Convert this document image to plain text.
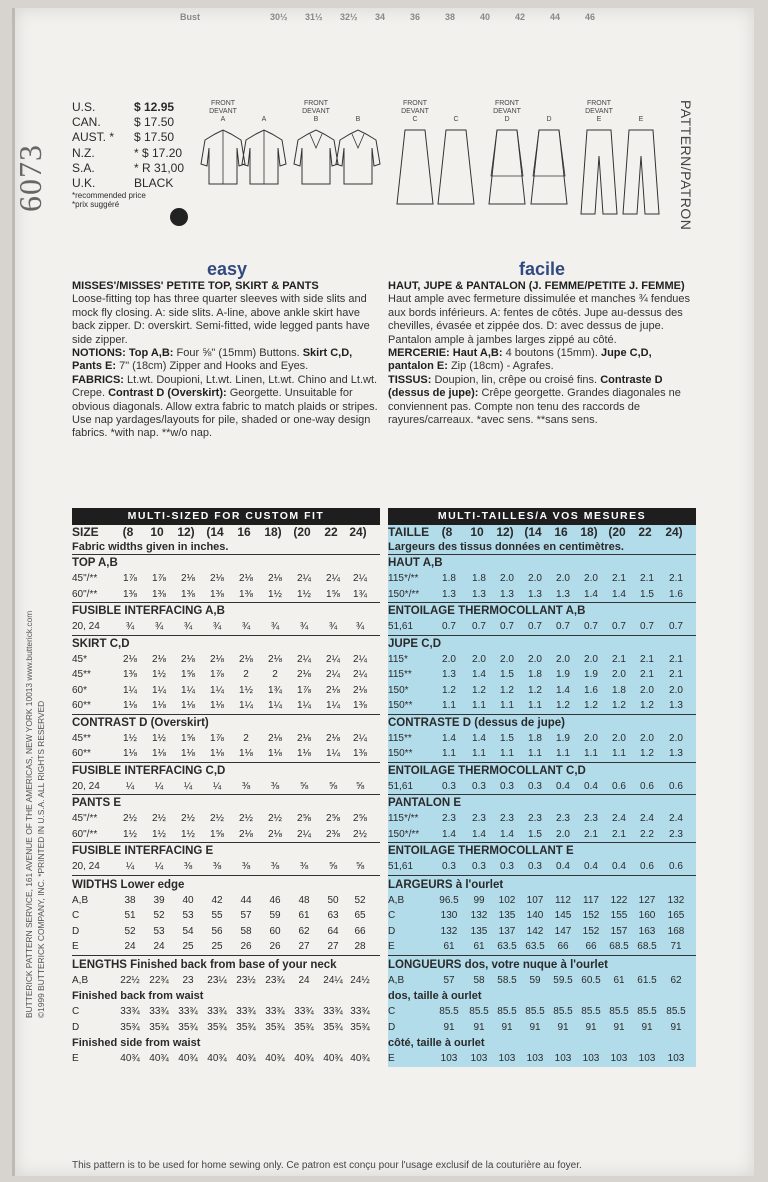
6073
BUTTERICK PATTERN SERVICE, 161 AVENUE OF THE AMERICAS, NEW YORK 10013 www.butterick.com ©1999 BUTTERICK COMPANY, INC. *PRINTED IN U.S.A. ALL RIGHTS RESERVED
PATTERN/PATRON
Bust	30½ 31½ 32½ 34	36	38	40	42	44	46
U.S.	$ 12.95
CAN.	$ 17.50
AUST. * $ 17.50
N.Z.	* $ 17.20
S.A.	* R 31,00
U.K.	BLACK
*recommended price
*prix suggéré
FRONT DEVANT
A	A
FRONT DEVANT
B	B
FRONT DEVANT
C	C
FRONT DEVANT
D	D
FRONT DEVANT
E	E
easy
MISSES'/MISSES' PETITE TOP, SKIRT & PANTS
Loose-fitting top has three quarter sleeves with side slits and mock fly closing. A: side slits. A-line, above ankle skirt have back zipper. D: overskirt. Semi-fitted, wide legged pants have side zipper.
NOTIONS: Top A,B: Four ⅝" (15mm) Buttons. Skirt C,D, Pants E: 7" (18cm) Zipper and Hooks and Eyes.
FABRICS: Lt.wt. Doupioni, Lt.wt. Linen, Lt.wt. Chino and Lt.wt. Crepe. Contrast D (Overskirt): Georgette. Unsuitable for obvious diagonals. Allow extra fabric to match plaids or stripes. Use nap yardages/layouts for pile, shaded or one-way design fabrics. *with nap. **w/o nap.
facile
HAUT, JUPE & PANTALON (J. FEMME/PETITE J. FEMME)
Haut ample avec fermeture dissimulée et manches ¾ fendues aux bords inférieurs. A: fentes de côtés. Jupe au-dessus des chevilles, évasée et zippée dos. D: avec dessus de jupe. Pantalon ample à jambes larges zippé au côté.
MERCERIE: Haut A,B: 4 boutons (15mm). Jupe C,D, pantalon E: Zip (18cm) - Agrafes.
TISSUS: Doupion, lin, crêpe ou croisé fins. Contraste D (dessus de jupe): Crêpe georgette. Grandes diagonales ne conviennent pas. Compte non tenu des raccords de rayures/carreaux. *avec sens. **sans sens.
MULTI-SIZED FOR CUSTOM FIT
SIZE	(8	10	12) (14	16	18) (20	22 24)
Fabric widths given in inches.
TOP A,B
45"/**	1⅞	1⅞	2⅛	2⅛	2⅛	2⅛	2¼	2¼	2¼
60"/**	1⅜	1⅜	1⅜	1⅜	1⅜	1½	1½	1⅝	1¾
FUSIBLE INTERFACING A,B
20, 24	¾	¾	¾	¾	¾	¾	¾	¾	¾
SKIRT C,D
45*	2⅛	2⅛	2⅛	2⅛	2⅛	2⅛	2¼	2¼	2¼
45**	1⅜	1½	1⅝	1⅞	2	2	2⅛	2¼	2¼
60*	1¼	1¼	1¼	1¼	1½	1¾	1⅞	2⅛	2⅛
60**	1⅛	1⅛	1⅛	1⅛	1¼	1¼	1¼	1¼	1⅜
CONTRAST D (Overskirt)
45**	1½	1½	1⅝	1⅞	2	2⅛	2⅛	2⅛	2¼
60**	1⅛	1⅛	1⅛	1⅛	1⅛	1⅛	1⅛	1¼	1⅜
FUSIBLE INTERFACING C,D
20, 24	¼	¼	¼	¼	⅜	⅜	⅝	⅝	⅝
PANTS E
45"/**	2½	2½	2½	2½	2½	2½	2⅝	2⅝	2⅝
60"/**	1½	1½	1½	1⅝	2⅛	2⅛	2¼	2⅜	2½
FUSIBLE INTERFACING E
20, 24	¼	¼	⅜	⅜	⅜	⅜	⅜	⅝	⅝
WIDTHS Lower edge
A,B	38	39	40	42	44	46	48	50	52
C	51	52	53	55	57	59	61	63	65
D	52	53	54	56	58	60	62	64	66
E	24	24	25	25	26	26	27	27	28
LENGTHS Finished back from base of your neck
A,B	22½ 22¾	23	23¼ 23½ 23¾	24	24¼ 24½
Finished back from waist
C	33¾ 33¾ 33¾ 33¾ 33¾ 33¾ 33¾ 33¾ 33¾
D	35¾ 35¾ 35¾ 35¾ 35¾ 35¾ 35¾ 35¾ 35¾
Finished side from waist
E	40¾ 40¾ 40¾ 40¾ 40¾ 40¾ 40¾ 40¾ 40¾
MULTI-TAILLES/A VOS MESURES
TAILLE	(8	10	12) (14	16	18) (20	22	24)
Largeurs des tissus données en centimètres.
HAUT A,B
115*/**	1.8	1.8	2.0	2.0	2.0	2.0	2.1	2.1	2.1
150*/**	1.3	1.3	1.3	1.3	1.3	1.4	1.4	1.5	1.6
ENTOILAGE THERMOCOLLANT A,B
51,61	0.7	0.7	0.7	0.7	0.7	0.7	0.7	0.7	0.7
JUPE C,D
115*	2.0	2.0	2.0	2.0	2.0	2.0	2.1	2.1	2.1
115**	1.3	1.4	1.5	1.8	1.9	1.9	2.0	2.1	2.1
150*	1.2	1.2	1.2	1.2	1.4	1.6	1.8	2.0	2.0
150**	1.1	1.1	1.1	1.1	1.2	1.2	1.2	1.2	1.3
CONTRASTE D (dessus de jupe)
115**	1.4	1.4	1.5	1.8	1.9	2.0	2.0	2.0	2.0
150**	1.1	1.1	1.1	1.1	1.1	1.1	1.1	1.2	1.3
ENTOILAGE THERMOCOLLANT C,D
51,61	0.3	0.3	0.3	0.3	0.4	0.4	0.6	0.6	0.6
PANTALON E
115*/**	2.3	2.3	2.3	2.3	2.3	2.3	2.4	2.4	2.4
150*/**	1.4	1.4	1.4	1.5	2.0	2.1	2.1	2.2	2.3
ENTOILAGE THERMOCOLLANT E
51,61	0.3	0.3	0.3	0.3	0.4	0.4	0.4	0.6	0.6
LARGEURS à l'ourlet
A,B	96.5	99	102	107	112	117	122	127	132
C	130	132	135	140	145	152	155	160	165
D	132	135	137	142	147	152	157	163	168
E	61	61	63.5 63.5	66	66	68.5 68.5	71
LONGUEURS dos, votre nuque à l'ourlet
A,B	57	58	58.5	59	59.5 60.5	61	61.5	62
dos, taille à ourlet
C	85.5 85.5 85.5 85.5 85.5 85.5 85.5 85.5 85.5
D	91	91	91	91	91	91	91	91	91
côté, taille à ourlet
E	103	103	103	103	103	103	103	103	103
This pattern is to be used for home sewing only. Ce patron est conçu pour l'usage exclusif de la couturière au foyer.
